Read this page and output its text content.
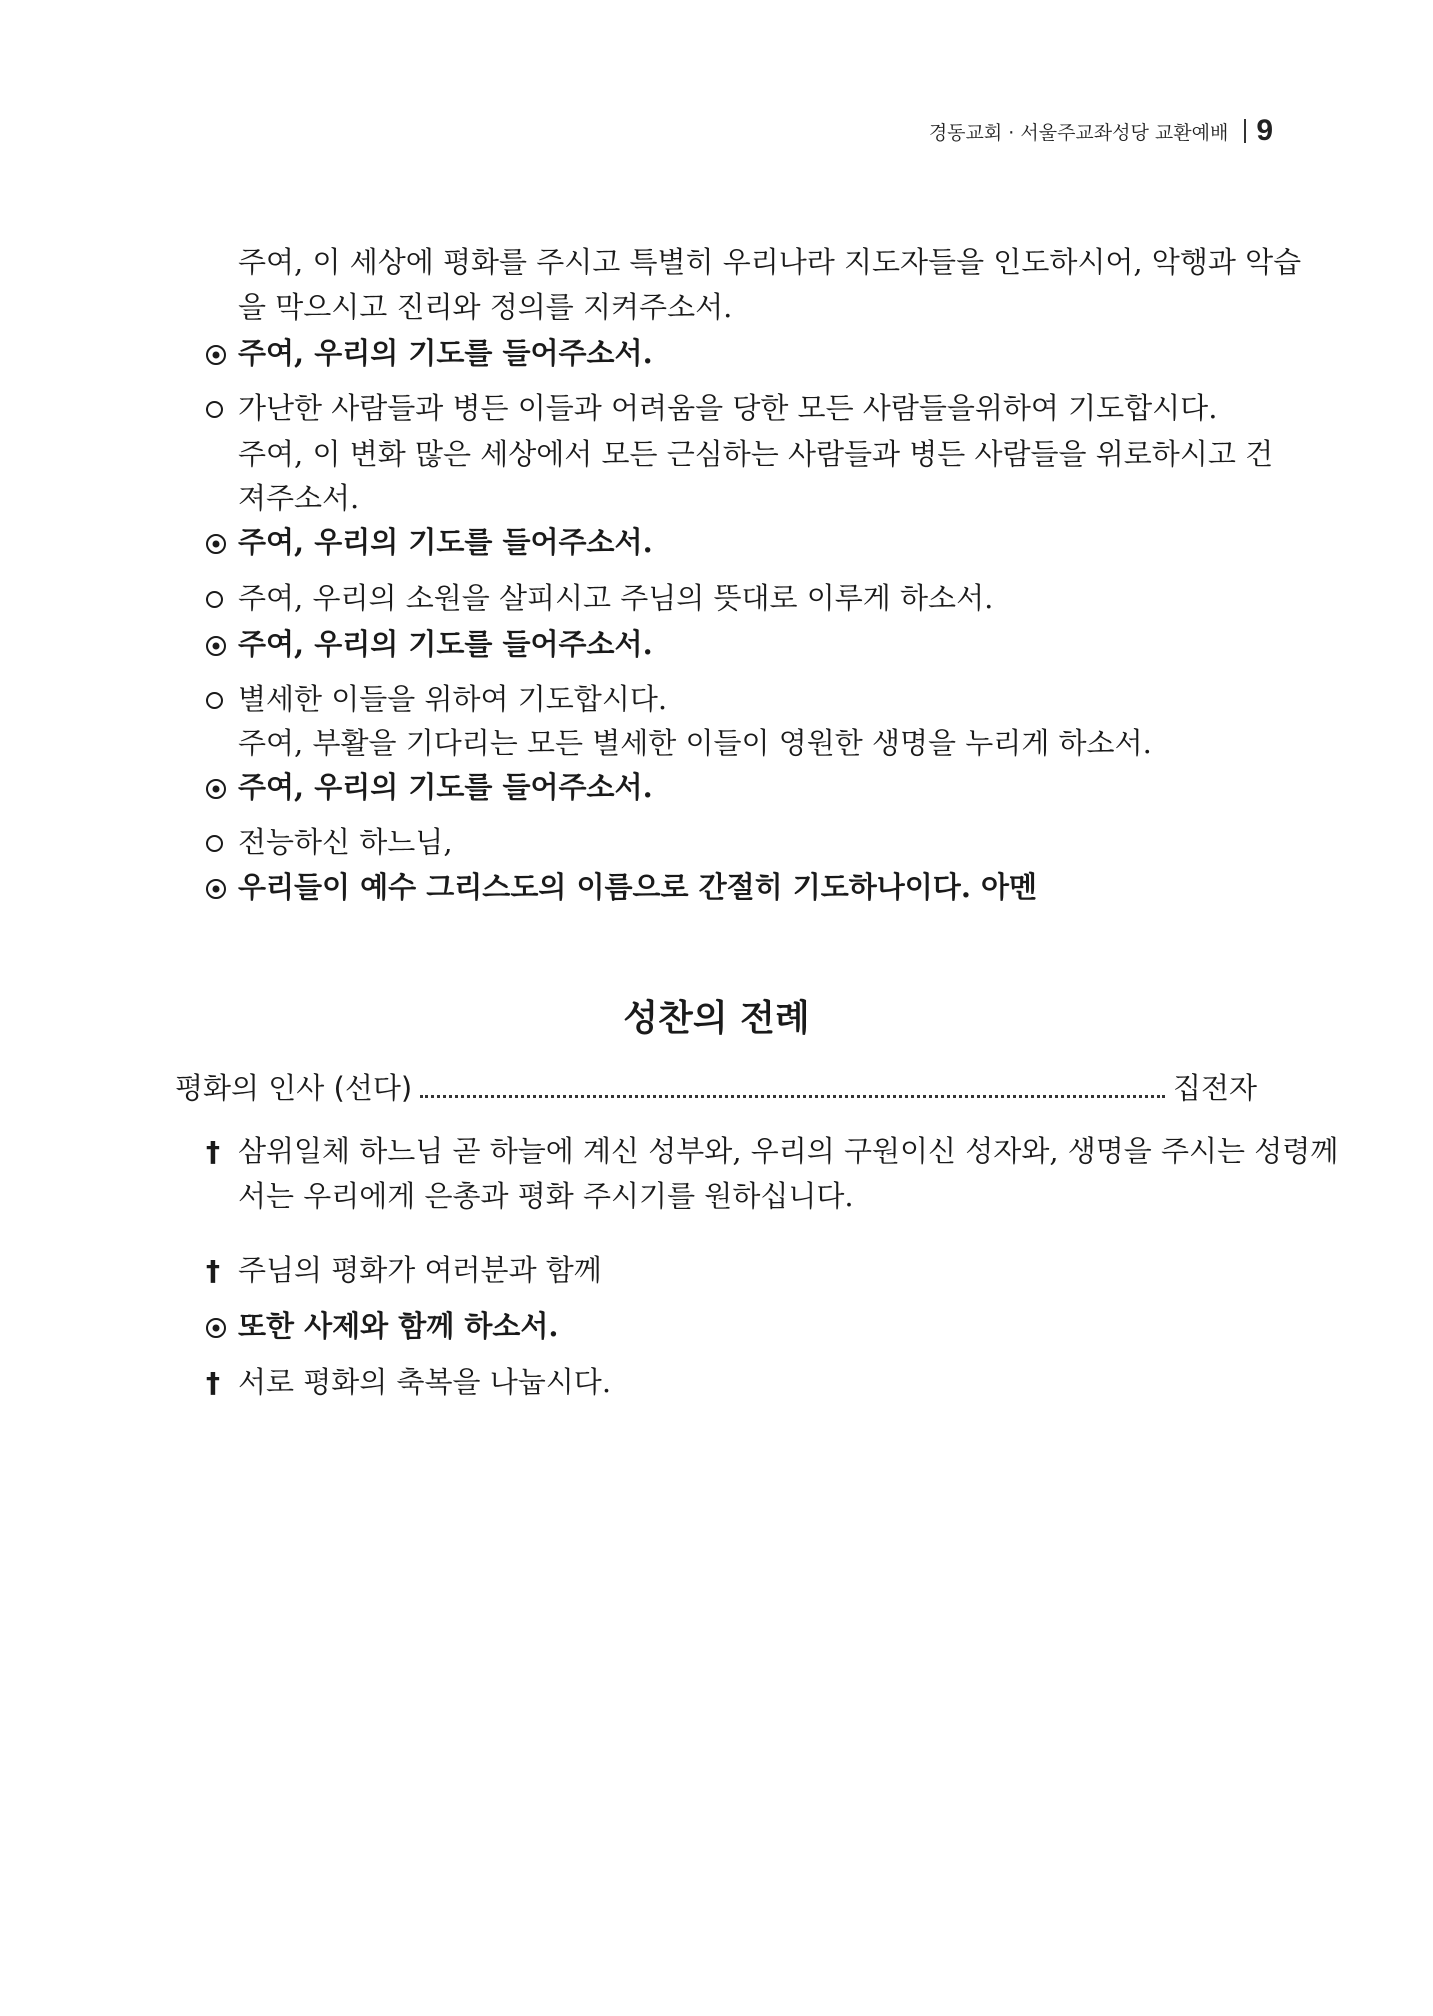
경동교회 · 서울주교좌성당 교환예배 9
주여, 이 세상에 평화를 주시고 특별히 우리나라 지도자들을 인도하시어, 악행과 악습
을 막으시고 진리와 정의를 지켜주소서.
주여, 우리의 기도를 들어주소서.
가난한 사람들과 병든 이들과 어려움을 당한 모든 사람들을위하여 기도합시다.
주여, 이 변화 많은 세상에서 모든 근심하는 사람들과 병든 사람들을 위로하시고 건
져주소서.
주여, 우리의 기도를 들어주소서.
주여, 우리의 소원을 살피시고 주님의 뜻대로 이루게 하소서.
주여, 우리의 기도를 들어주소서.
별세한 이들을 위하여 기도합시다.
주여, 부활을 기다리는 모든 별세한 이들이 영원한 생명을 누리게 하소서.
주여, 우리의 기도를 들어주소서.
전능하신 하느님,
우리들이 예수 그리스도의 이름으로 간절히 기도하나이다. 아멘
성찬의 전례
평화의 인사 (선다)	집전자
† 삼위일체 하느님 곧 하늘에 계신 성부와, 우리의 구원이신 성자와, 생명을 주시는 성령께
서는 우리에게 은총과 평화 주시기를 원하십니다.
† 주님의 평화가 여러분과 함께
또한 사제와 함께 하소서.
† 서로 평화의 축복을 나눕시다.
